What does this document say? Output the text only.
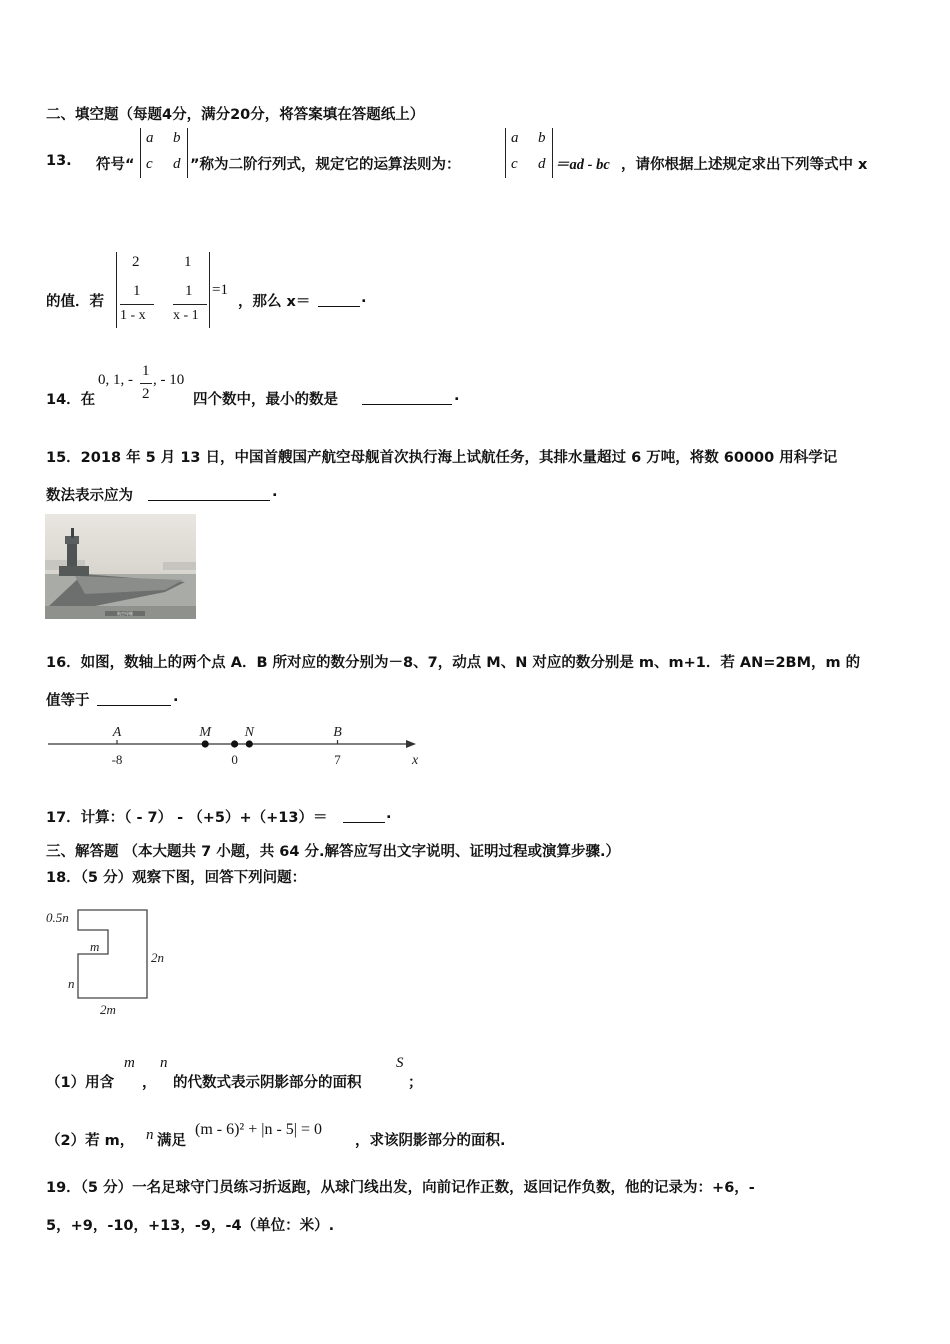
二、填空题（每题4分，满分20分，将答案填在答题纸上）
13. 符号“
a b
c d ”称为二阶行列式，规定它的运算法则为：
a b
c d ＝ad - bc ，请你根据上述规定求出下列等式中 x
的值．若
2	1
1
1 - x
1
x - 1
=1
，那么 x＝	.
14．在
0, 1, -
1
2
, - 10
四个数中，最小的数是	.
15．2018 年 5 月 13 日，中国首艘国产航空母舰首次执行海上试航任务，其排水量超过 6 万吨，将数 60000 用科学记
数法表示应为	.
航空母舰
16．如图，数轴上的两个点 A．B 所对应的数分别为－8、7，动点 M、N 对应的数分别是 m、m+1．若 AN=2BM，m 的
值等于	.
A	M N	B
-8	0	7	x
17．计算：（ - 7） - （+5）+（+13）＝	.
三、解答题 （本大题共 7 小题，共 64 分.解答应写出文字说明、证明过程或演算步骤.）
18．（5 分）观察下图，回答下列问题：
0.5n
m
2n
n
2m
（1）用含
m
，
n
的代数式表示阴影部分的面积
S
；
（2）若 m， n 满足
(m - 6)² + |n - 5| = 0
，求该阴影部分的面积.
19．（5 分）一名足球守门员练习折返跑，从球门线出发，向前记作正数，返回记作负数，他的记录为：+6，-
5，+9，-10，+13，-9，-4（单位：米）.
